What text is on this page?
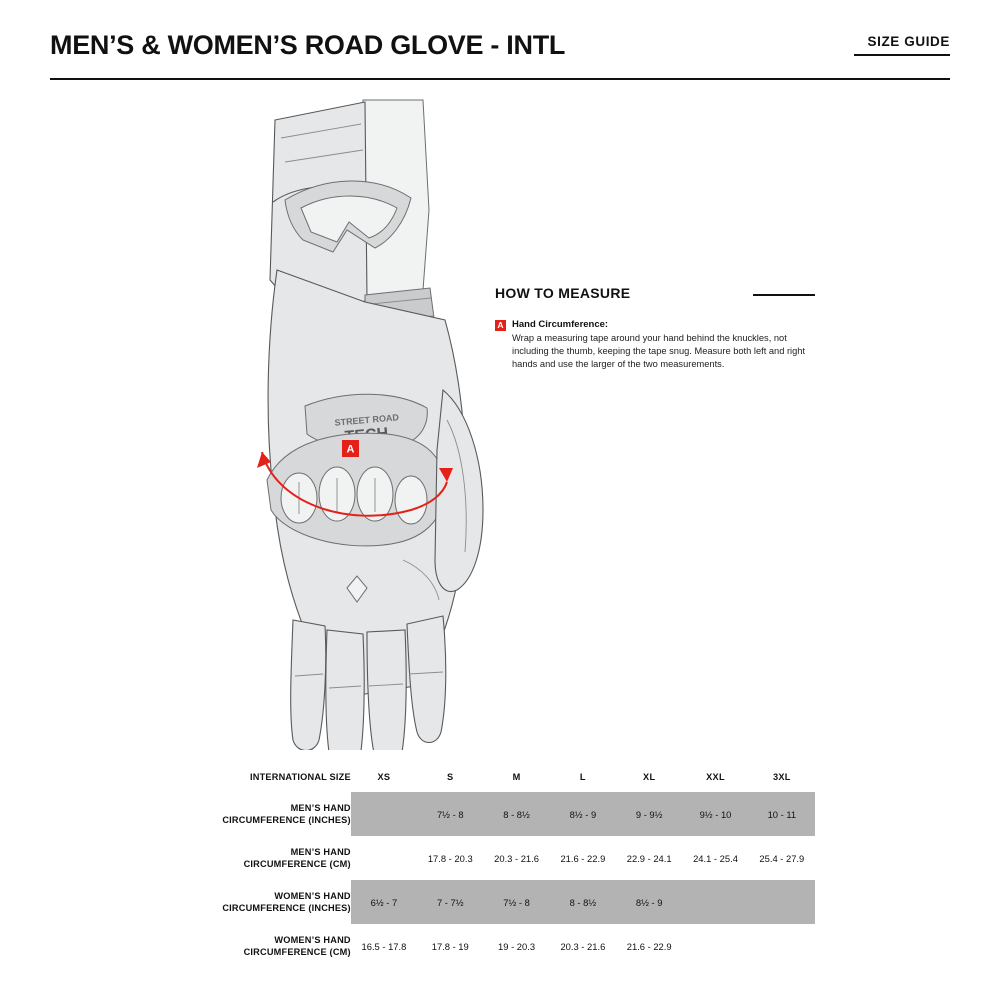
MEN’S & WOMEN’S ROAD GLOVE - INTL	SIZE GUIDE
STREET ROAD
A
HOW TO MEASURE
A Hand Circumference:
Wrap a measuring tape around your hand behind the knuckles, not including the thumb, keeping the tape snug. Measure both left and right hands and use the larger of the two measurements.
INTERNATIONAL SIZE	XS	S	M	L	XL	XXL	3XL

MEN’S HAND
CIRCUMFERENCE (INCHES)		7½ - 8	8 - 8½	8½ - 9	9 - 9½	9½ - 10	10 - 11

MEN’S HAND
CIRCUMFERENCE (CM)		17.8 - 20.3	20.3 - 21.6	21.6 - 22.9	22.9 - 24.1	24.1 - 25.4	25.4 - 27.9

WOMEN’S HAND
CIRCUMFERENCE (INCHES)	6½ - 7	7 - 7½	7½ - 8	8 - 8½	8½ - 9		

WOMEN’S HAND
CIRCUMFERENCE (CM)	16.5 - 17.8	17.8 - 19	19 - 20.3	20.3 - 21.6	21.6 - 22.9		
